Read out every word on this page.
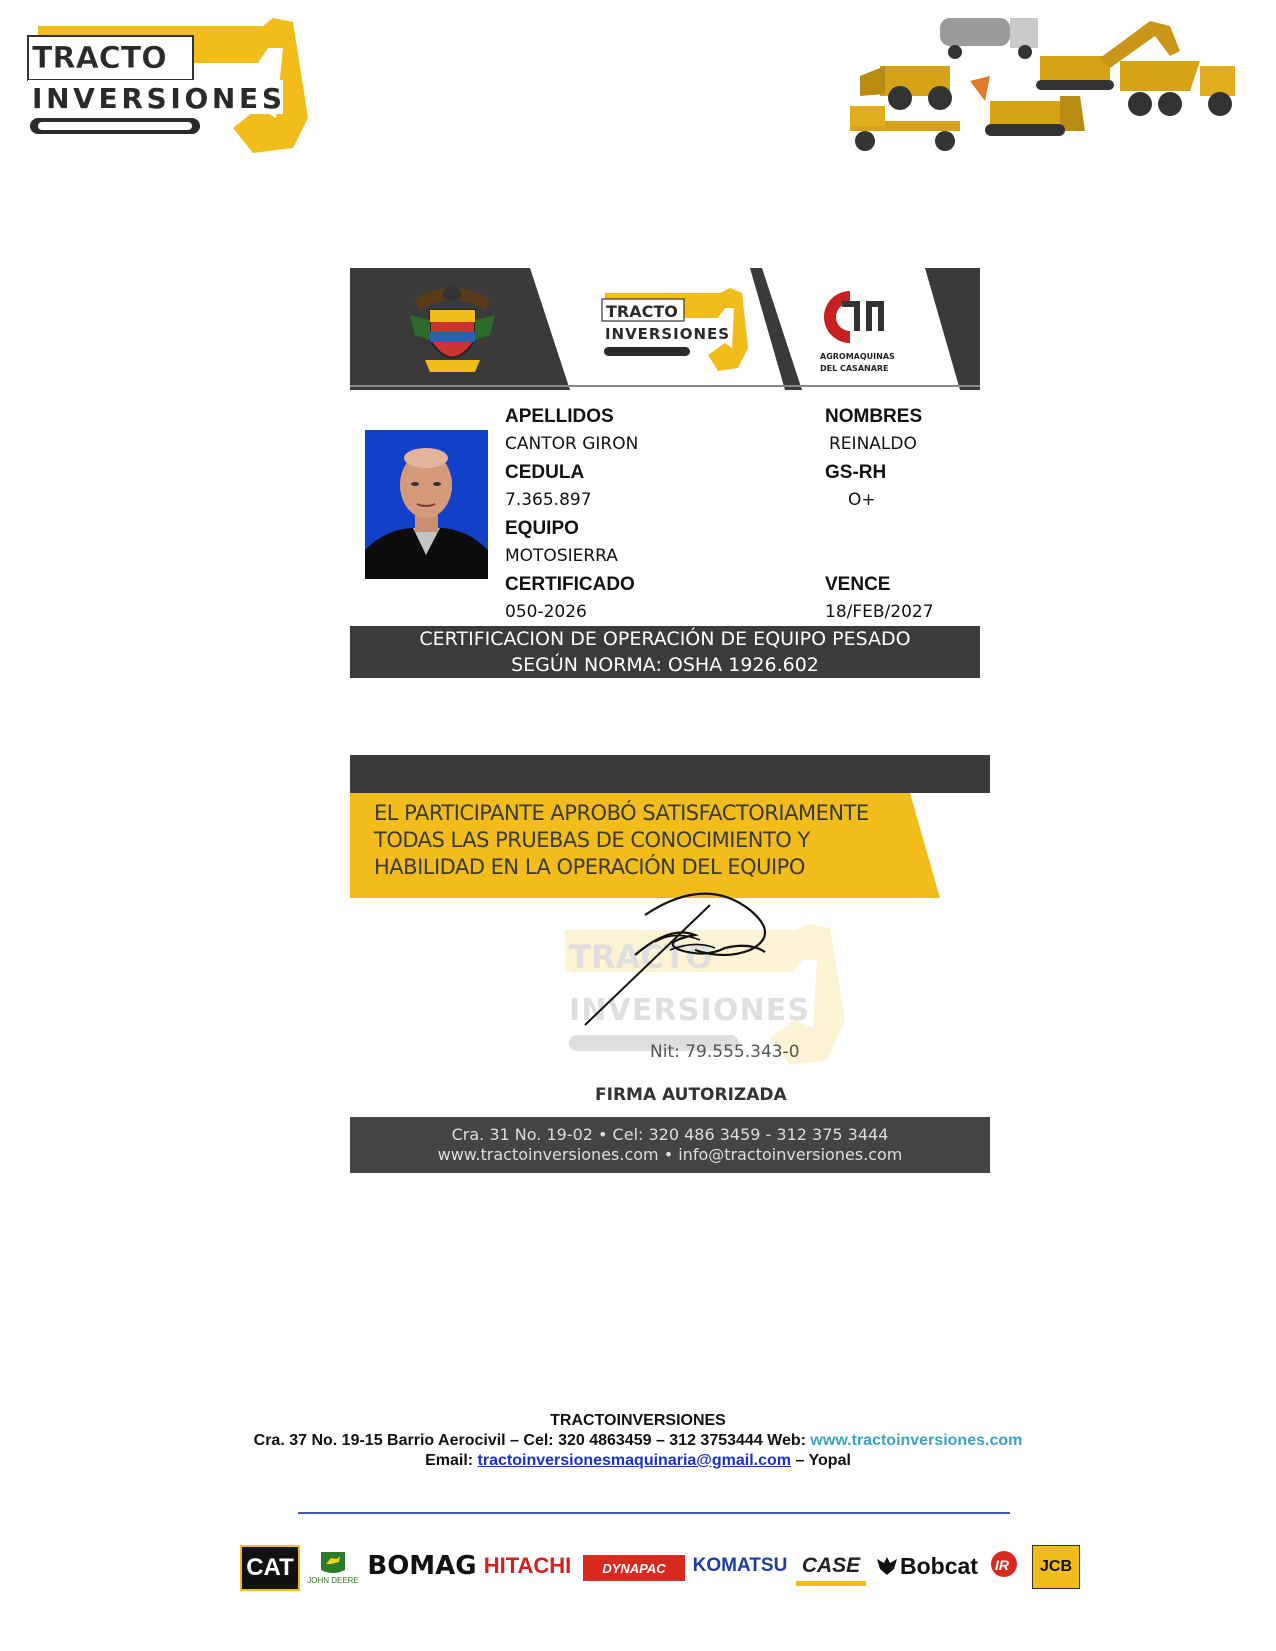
TRACTO
INVERSIONES
TRACTO
INVERSIONES
AGROMAQUINAS
DEL CASANARE
APELLIDOS
CANTOR GIRON
NOMBRES
REINALDO
CEDULA
7.365.897
GS-RH
O+
EQUIPO
MOTOSIERRA
CERTIFICADO
050-2026
VENCE
18/FEB/2027
CERTIFICACION DE OPERACIÓN DE EQUIPO PESADO
SEGÚN NORMA: OSHA 1926.602
EL PARTICIPANTE APROBÓ SATISFACTORIAMENTE
TODAS LAS PRUEBAS DE CONOCIMIENTO Y
HABILIDAD EN LA OPERACIÓN DEL EQUIPO
TRACTO
INVERSIONES
Nit: 79.555.343-0
FIRMA AUTORIZADA
Cra. 31 No. 19-02 • Cel: 320 486 3459 - 312 375 3444
www.tractoinversiones.com • info@tractoinversiones.com
TRACTOINVERSIONES
Cra. 37 No. 19-15 Barrio Aerocivil – Cel: 320 4863459 – 312 3753444 Web: www.tractoinversiones.com
Email: tractoinversionesmaquinaria@gmail.com – Yopal
CAT	JOHN DEERE BOMAG HITACHI	DYNAPAC	KOMATSU CASE Bobcat IR	JCB
